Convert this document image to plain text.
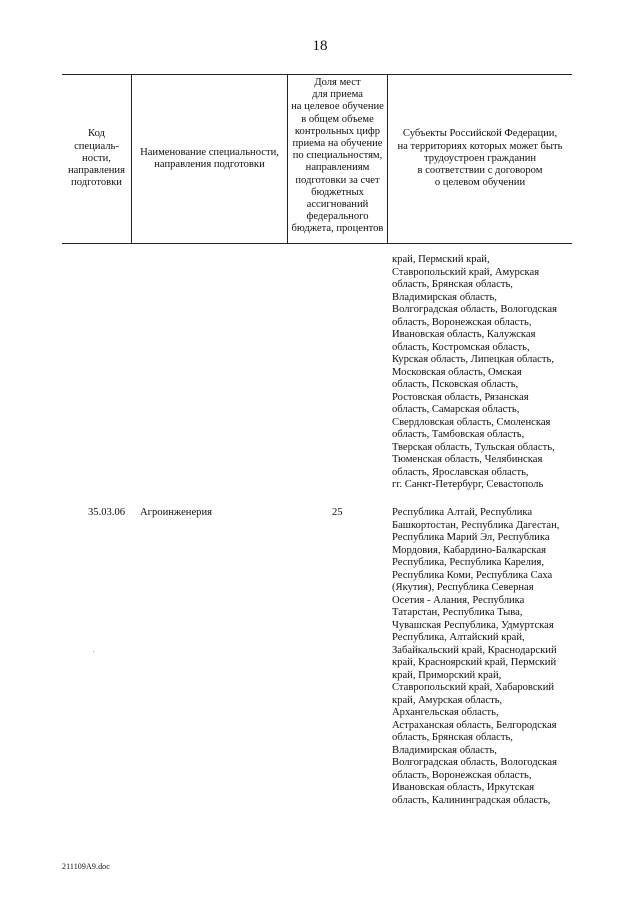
18
Код
специаль-
ности,
направления
подготовки
Наименование специальности,
направления подготовки
Доля мест
для приема
на целевое обучение
в общем объеме
контрольных цифр
приема на обучение
по специальностям,
направлениям
подготовки за счет
бюджетных
ассигнований
федерального
бюджета, процентов
Субъекты Российской Федерации,
на территориях которых может быть
трудоустроен гражданин
в соответствии с договором
о целевом обучении
край, Пермский край,
Ставропольский край, Амурская
область, Брянская область,
Владимирская область,
Волгоградская область, Вологодская
область, Воронежская область,
Ивановская область, Калужская
область, Костромская область,
Курская область, Липецкая область,
Московская область, Омская
область, Псковская область,
Ростовская область, Рязанская
область, Самарская область,
Свердловская область, Смоленская
область, Тамбовская область,
Тверская область, Тульская область,
Тюменская область, Челябинская
область, Ярославская область,
гг. Санкт-Петербург, Севастополь
35.03.06 Агроинженерия	25	Республика Алтай, Республика
Башкортостан, Республика Дагестан,
Республика Марий Эл, Республика
Мордовия, Кабардино-Балкарская
Республика, Республика Карелия,
Республика Коми, Республика Саха
(Якутия), Республика Северная
Осетия - Алания, Республика
Татарстан, Республика Тыва,
Чувашская Республика, Удмуртская
Республика, Алтайский край,
Забайкальский край, Краснодарский
край, Красноярский край, Пермский
край, Приморский край,
Ставропольский край, Хабаровский
край, Амурская область,
Архангельская область,
Астраханская область, Белгородская
область, Брянская область,
Владимирская область,
Волгоградская область, Вологодская
область, Воронежская область,
Ивановская область, Иркутская
область, Калининградская область,
211109A9.doc
